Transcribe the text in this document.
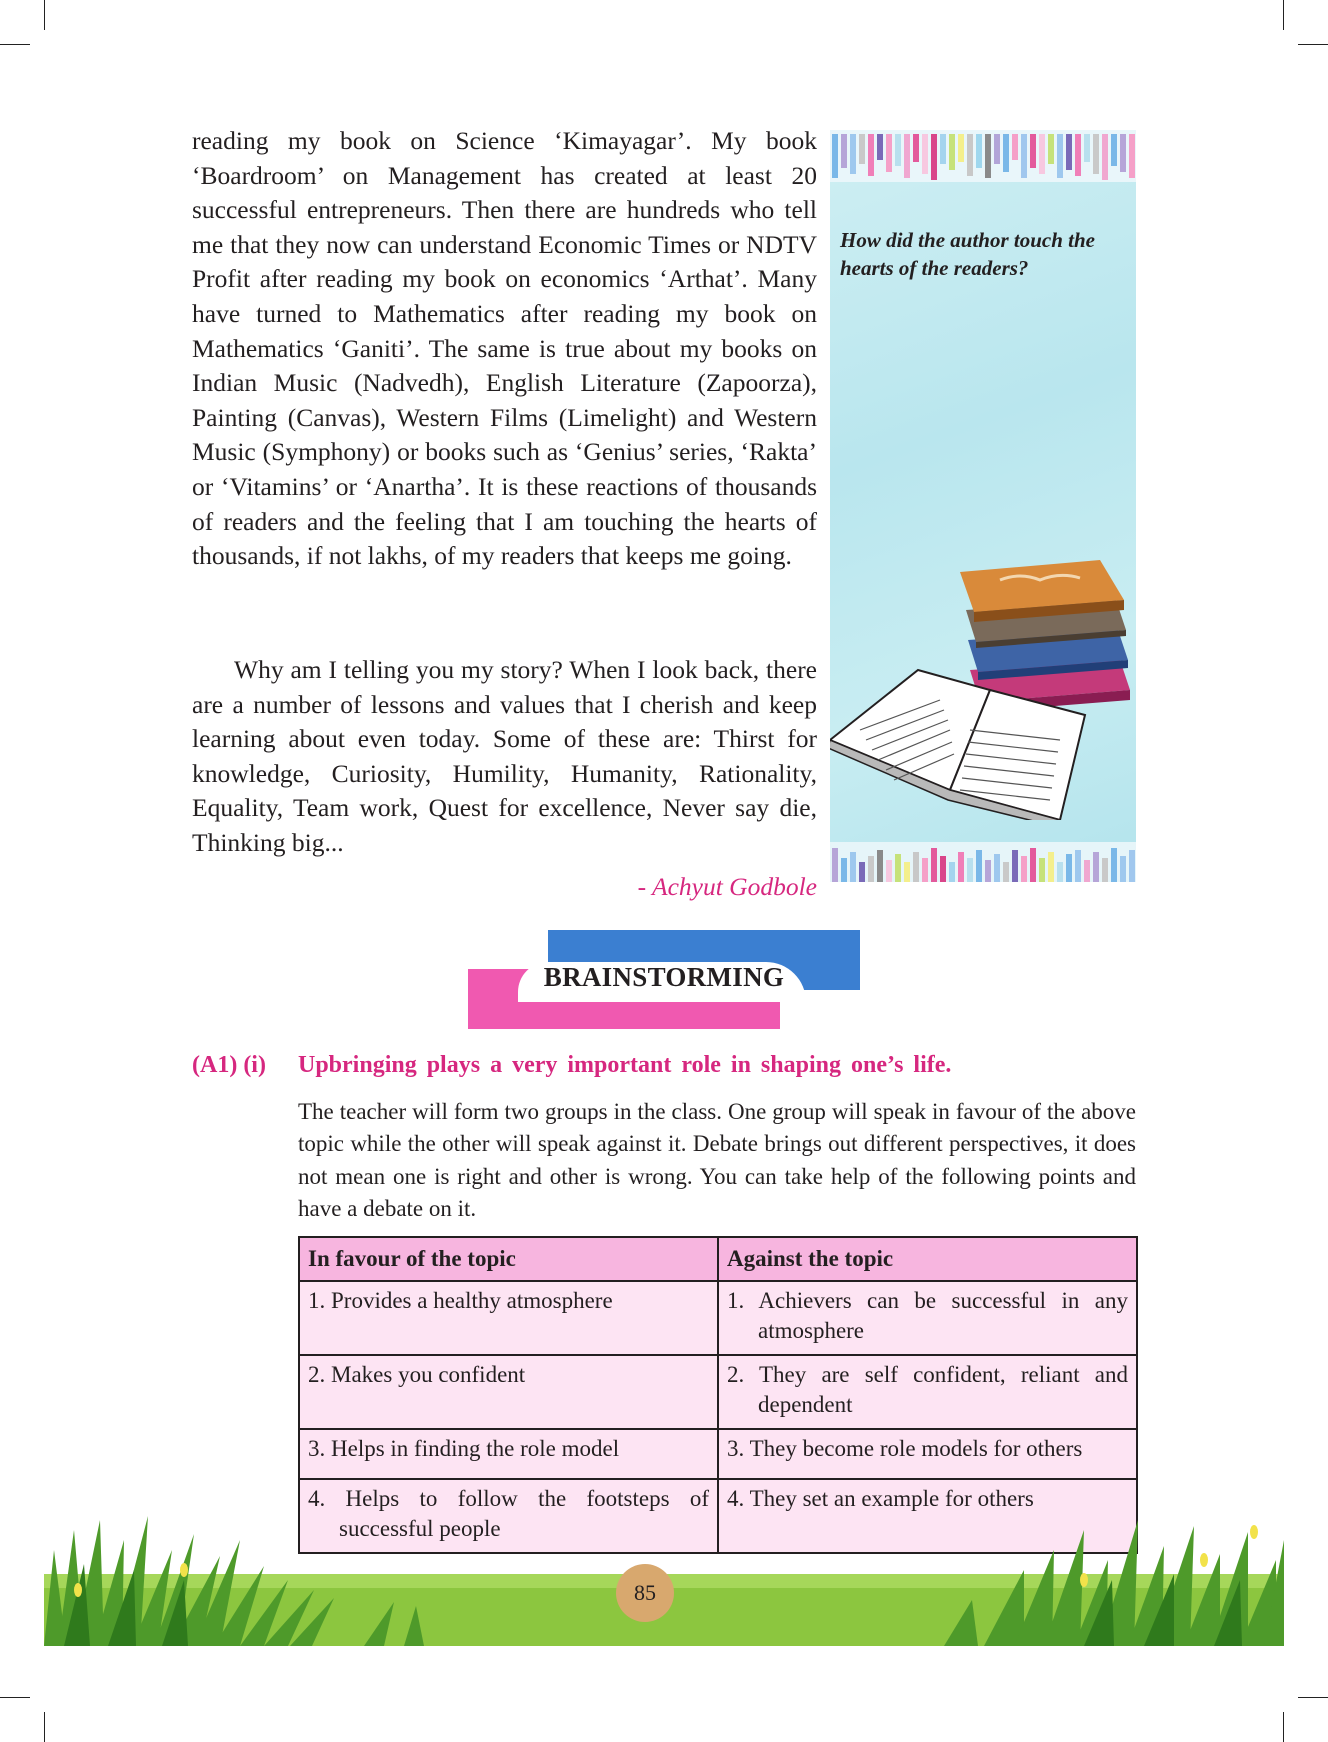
reading my book on Science ‘Kimayagar’. My book ‘Boardroom’ on Management has created at least 20 successful entrepreneurs. Then there are hundreds who tell me that they now can understand Economic Times or NDTV Profit after reading my book on economics ‘Arthat’. Many have turned to Mathematics after reading my book on Mathematics ‘Ganiti’. The same is true about my books on Indian Music (Nadvedh), English Literature (Zapoorza), Painting (Canvas), Western Films (Limelight) and Western Music (Symphony) or books such as ‘Genius’ series, ‘Rakta’ or ‘Vitamins’ or ‘Anartha’. It is these reactions of thousands of readers and the feeling that I am touching the hearts of thousands, if not lakhs, of my readers that keeps me going.

Why am I telling you my story? When I look back, there are a number of lessons and values that I cherish and keep learning about even today. Some of these are: Thirst for knowledge, Curiosity, Humility, Humanity, Rationality, Equality, Team work, Quest for excellence, Never say die, Thinking big...

- Achyut Godbole
How did the author touch the hearts of the readers?
BRAINSTORMING
(A1) (i) Upbringing plays a very important role in shaping one’s life.
The teacher will form two groups in the class. One group will speak in favour of the above topic while the other will speak against it. Debate brings out different perspectives, it does not mean one is right and other is wrong. You can take help of the following points and have a debate on it.
In favour of the topic	Against the topic

1. Provides a healthy atmosphere	1. Achievers can be successful in any atmosphere

2. Makes you confident	2. They are self confident, reliant and dependent

3. Helps in finding the role model	3. They become role models for others

4. Helps to follow the footsteps of successful people	4. They set an example for others
85
